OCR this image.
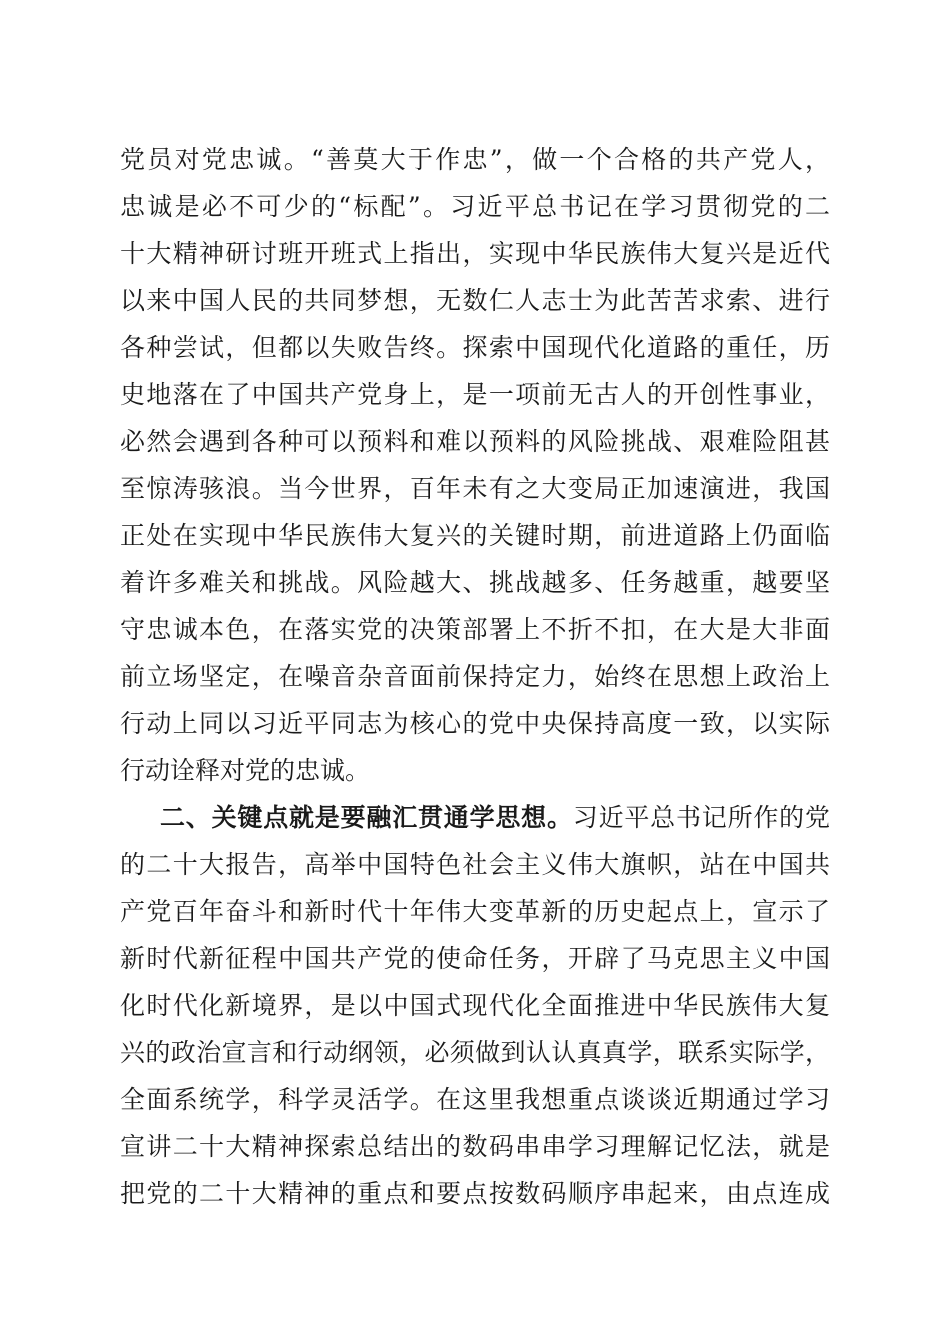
党员对党忠诚。“善莫大于作忠”，做一个合格的共产党人，
忠诚是必不可少的“标配”。习近平总书记在学习贯彻党的二
十大精神研讨班开班式上指出，实现中华民族伟大复兴是近代
以来中国人民的共同梦想，无数仁人志士为此苦苦求索、进行
各种尝试，但都以失败告终。探索中国现代化道路的重任，历
史地落在了中国共产党身上，是一项前无古人的开创性事业，
必然会遇到各种可以预料和难以预料的风险挑战、艰难险阻甚
至惊涛骇浪。当今世界，百年未有之大变局正加速演进，我国
正处在实现中华民族伟大复兴的关键时期，前进道路上仍面临
着许多难关和挑战。风险越大、挑战越多、任务越重，越要坚
守忠诚本色，在落实党的决策部署上不折不扣，在大是大非面
前立场坚定，在噪音杂音面前保持定力，始终在思想上政治上
行动上同以习近平同志为核心的党中央保持高度一致，以实际
行动诠释对党的忠诚。
二、关键点就是要融汇贯通学思想。习近平总书记所作的党
的二十大报告，高举中国特色社会主义伟大旗帜，站在中国共
产党百年奋斗和新时代十年伟大变革新的历史起点上，宣示了
新时代新征程中国共产党的使命任务，开辟了马克思主义中国
化时代化新境界，是以中国式现代化全面推进中华民族伟大复
兴的政治宣言和行动纲领，必须做到认认真真学，联系实际学，
全面系统学，科学灵活学。在这里我想重点谈谈近期通过学习
宣讲二十大精神探索总结出的数码串串学习理解记忆法，就是
把党的二十大精神的重点和要点按数码顺序串起来，由点连成
